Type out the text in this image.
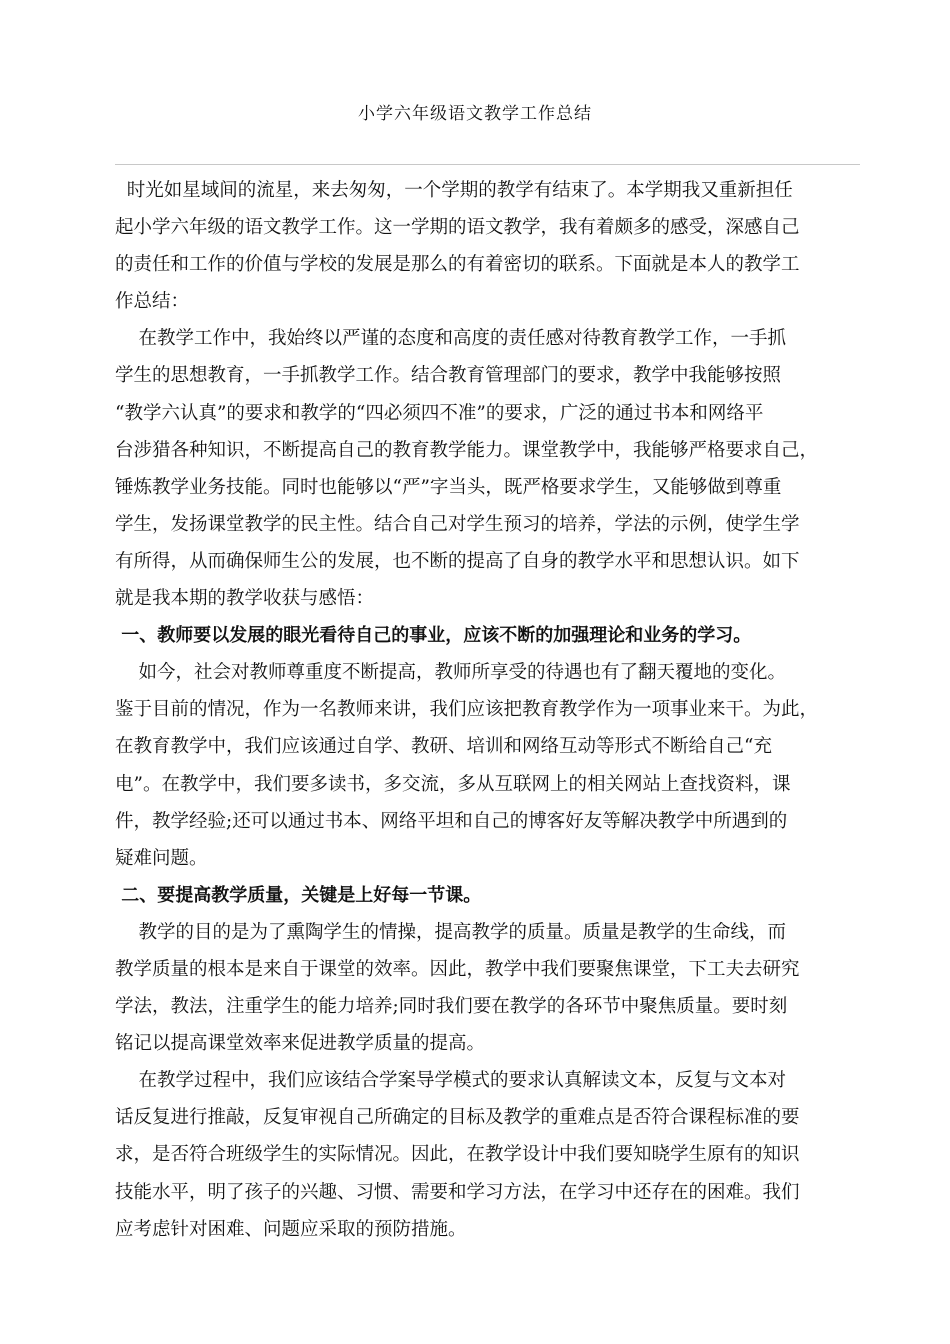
小学六年级语文教学工作总结
时光如星域间的流星，来去匆匆，一个学期的教学有结束了。本学期我又重新担任
起小学六年级的语文教学工作。这一学期的语文教学，我有着颇多的感受，深感自己
的责任和工作的价值与学校的发展是那么的有着密切的联系。下面就是本人的教学工
作总结：
在教学工作中，我始终以严谨的态度和高度的责任感对待教育教学工作，一手抓
学生的思想教育，一手抓教学工作。结合教育管理部门的要求，教学中我能够按照
“教学六认真”的要求和教学的“四必须四不准”的要求，广泛的通过书本和网络平
台涉猎各种知识，不断提高自己的教育教学能力。课堂教学中，我能够严格要求自己，
锤炼教学业务技能。同时也能够以“严”字当头，既严格要求学生，又能够做到尊重
学生，发扬课堂教学的民主性。结合自己对学生预习的培养，学法的示例，使学生学
有所得，从而确保师生公的发展，也不断的提高了自身的教学水平和思想认识。如下
就是我本期的教学收获与感悟：
一、教师要以发展的眼光看待自己的事业，应该不断的加强理论和业务的学习。
如今，社会对教师尊重度不断提高，教师所享受的待遇也有了翻天覆地的变化。
鉴于目前的情况，作为一名教师来讲，我们应该把教育教学作为一项事业来干。为此，
在教育教学中，我们应该通过自学、教研、培训和网络互动等形式不断给自己“充
电”。在教学中，我们要多读书，多交流，多从互联网上的相关网站上查找资料，课
件，教学经验;还可以通过书本、网络平坦和自己的博客好友等解决教学中所遇到的
疑难问题。
二、要提高教学质量，关键是上好每一节课。
教学的目的是为了熏陶学生的情操，提高教学的质量。质量是教学的生命线，而
教学质量的根本是来自于课堂的效率。因此，教学中我们要聚焦课堂，下工夫去研究
学法，教法，注重学生的能力培养;同时我们要在教学的各环节中聚焦质量。要时刻
铭记以提高课堂效率来促进教学质量的提高。
在教学过程中，我们应该结合学案导学模式的要求认真解读文本，反复与文本对
话反复进行推敲，反复审视自己所确定的目标及教学的重难点是否符合课程标准的要
求，是否符合班级学生的实际情况。因此，在教学设计中我们要知晓学生原有的知识
技能水平，明了孩子的兴趣、习惯、需要和学习方法，在学习中还存在的困难。我们
应考虑针对困难、问题应采取的预防措施。
